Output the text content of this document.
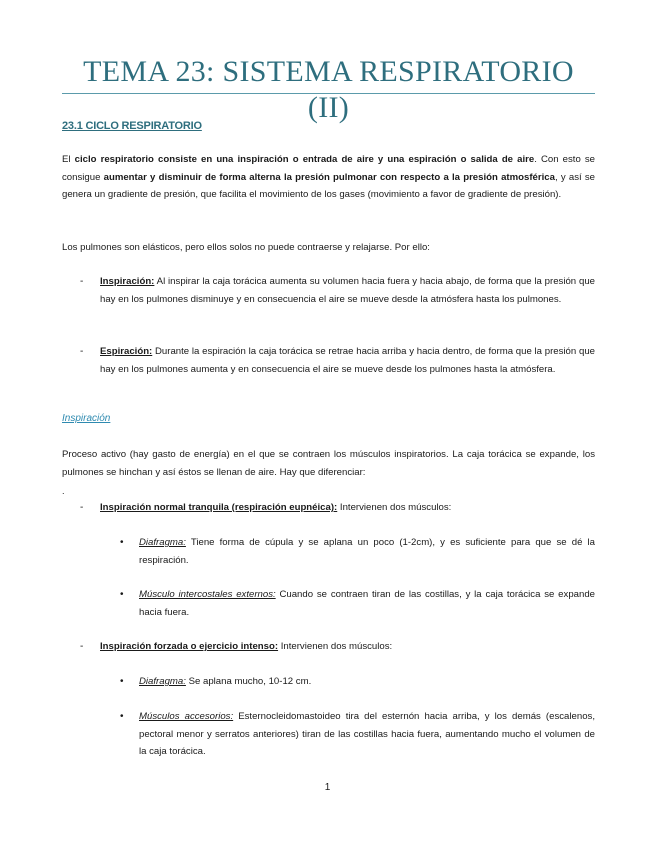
TEMA 23: SISTEMA RESPIRATORIO (II)
23.1 CICLO RESPIRATORIO
El ciclo respiratorio consiste en una inspiración o entrada de aire y una espiración o salida de aire. Con esto se consigue aumentar y disminuir de forma alterna la presión pulmonar con respecto a la presión atmosférica, y así se genera un gradiente de presión, que facilita el movimiento de los gases (movimiento a favor de gradiente de presión).
Los pulmones son elásticos, pero ellos solos no puede contraerse y relajarse. Por ello:
- Inspiración: Al inspirar la caja torácica aumenta su volumen hacia fuera y hacia abajo, de forma que la presión que hay en los pulmones disminuye y en consecuencia el aire se mueve desde la atmósfera hasta los pulmones.
- Espiración: Durante la espiración la caja torácica se retrae hacia arriba y hacia dentro, de forma que la presión que hay en los pulmones aumenta y en consecuencia el aire se mueve desde los pulmones hasta la atmósfera.
Inspiración
Proceso activo (hay gasto de energía) en el que se contraen los músculos inspiratorios. La caja torácica se expande, los pulmones se hinchan y así éstos se llenan de aire. Hay que diferenciar:
.
- Inspiración normal tranquila (respiración eupnéica): Intervienen dos músculos:
• Diafragma: Tiene forma de cúpula y se aplana un poco (1-2cm), y es suficiente para que se dé la respiración.
• Músculo intercostales externos: Cuando se contraen tiran de las costillas, y la caja torácica se expande hacia fuera.
- Inspiración forzada o ejercicio intenso: Intervienen dos músculos:
• Diafragma: Se aplana mucho, 10-12 cm.
• Músculos accesorios: Esternocleidomastoideo tira del esternón hacia arriba, y los demás (escalenos, pectoral menor y serratos anteriores) tiran de las costillas hacia fuera, aumentando mucho el volumen de la caja torácica.
1
